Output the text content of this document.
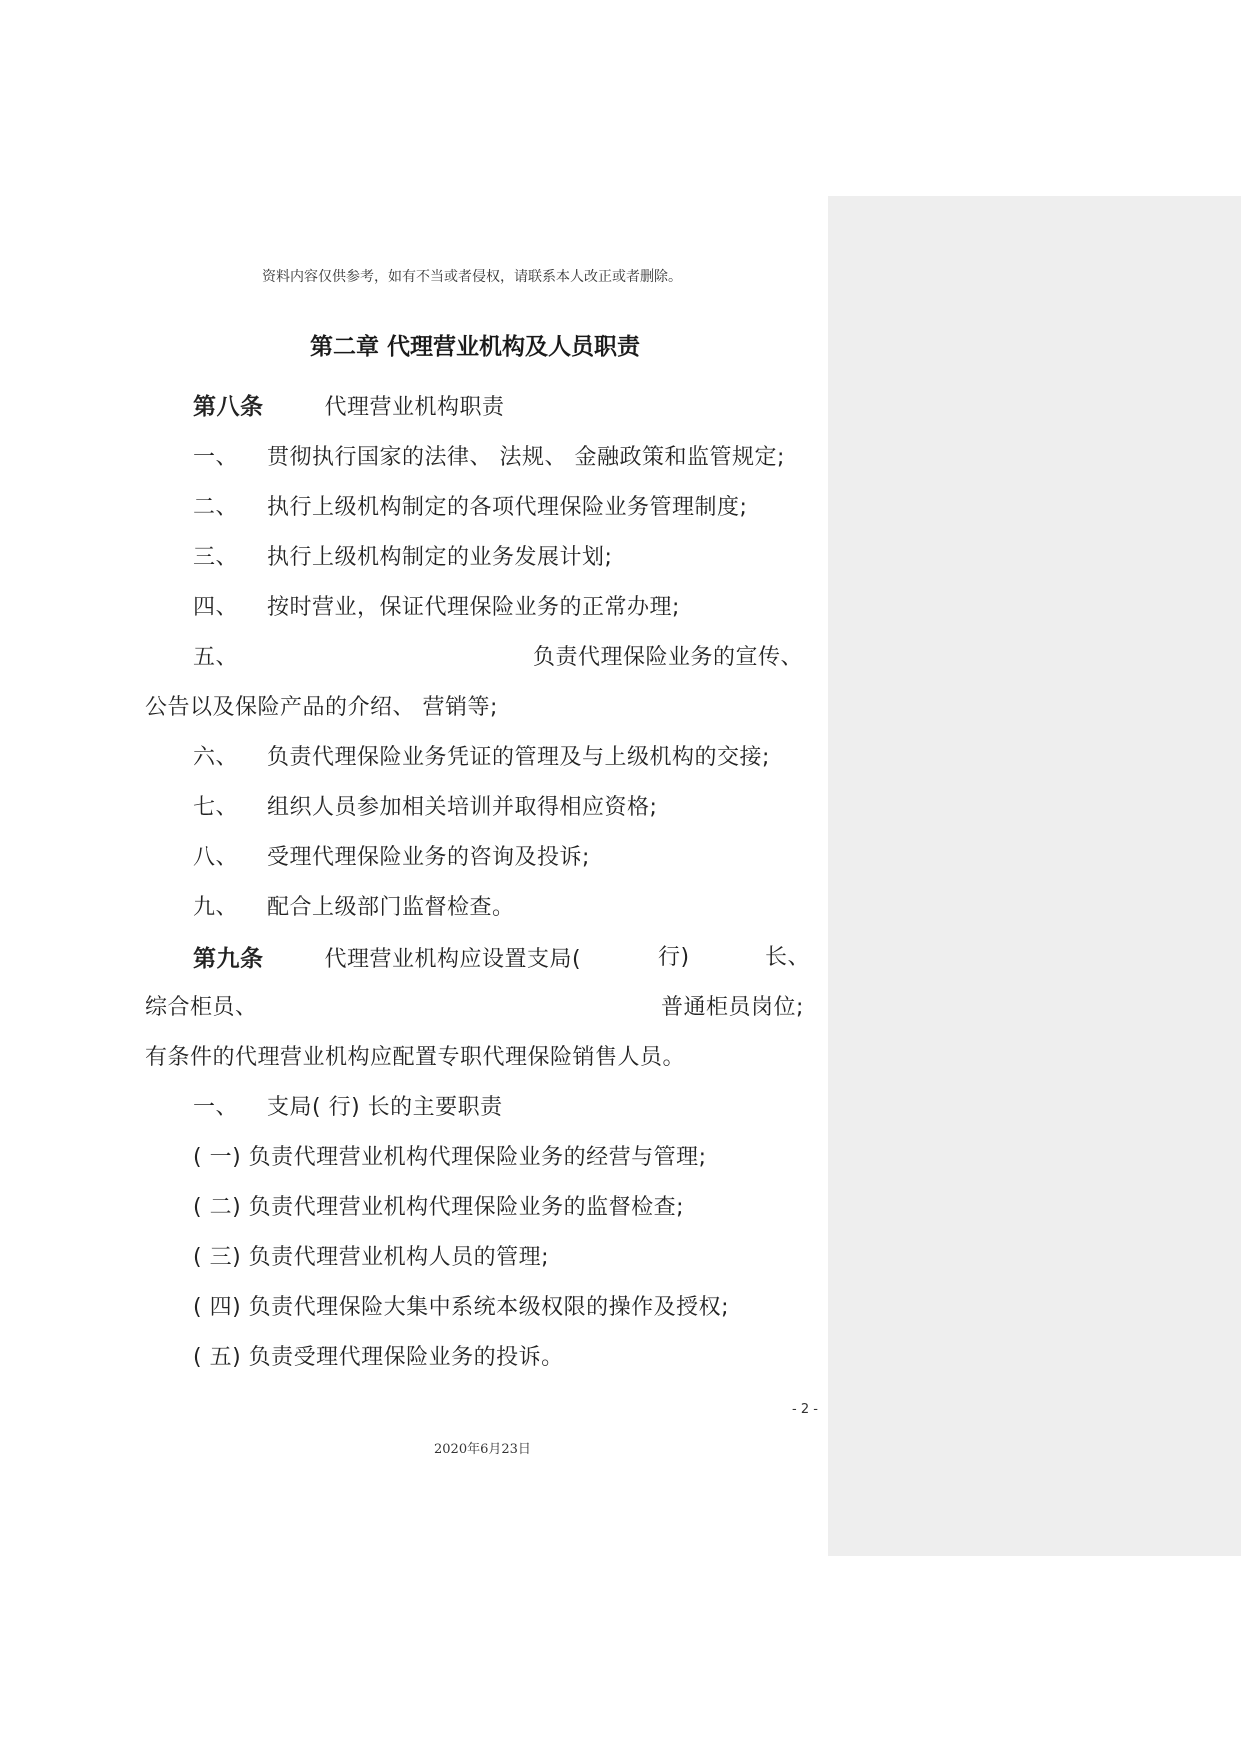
资料内容仅供参考，如有不当或者侵权，请联系本人改正或者删除。
第二章 代理营业机构及人员职责
第八条	代理营业机构职责
一、 贯彻执行国家的法律、 法规、 金融政策和监管规定;
二、 执行上级机构制定的各项代理保险业务管理制度;
三、 执行上级机构制定的业务发展计划;
四、 按时营业，保证代理保险业务的正常办理;
五、	负责代理保险业务的宣传、
公告以及保险产品的介绍、 营销等;
六、 负责代理保险业务凭证的管理及与上级机构的交接;
七、 组织人员参加相关培训并取得相应资格;
八、 受理代理保险业务的咨询及投诉;
九、 配合上级部门监督检查。
第九条	代理营业机构应设置支局(	行)	长、
综合柜员、	普通柜员岗位;
有条件的代理营业机构应配置专职代理保险销售人员。
一、 支局( 行) 长的主要职责
( 一) 负责代理营业机构代理保险业务的经营与管理;
( 二) 负责代理营业机构代理保险业务的监督检查;
( 三) 负责代理营业机构人员的管理;
( 四) 负责代理保险大集中系统本级权限的操作及授权;
( 五) 负责受理代理保险业务的投诉。
- 2 -
2020年6月23日
